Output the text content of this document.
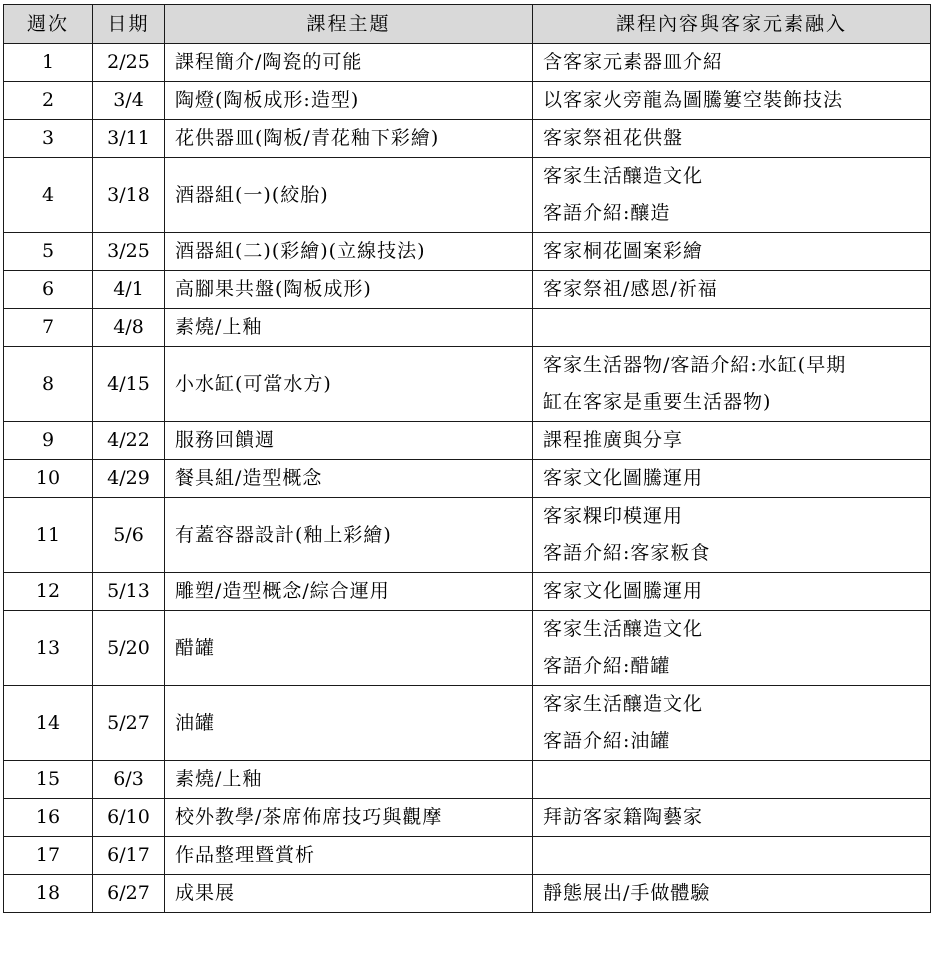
週次	日期	課程主題	課程內容與客家元素融入
1	2/25	課程簡介/陶瓷的可能	含客家元素器皿介紹

2	3/4	陶燈(陶板成形:造型)	以客家火旁龍為圖騰簍空裝飾技法

3	3/11	花供器皿(陶板/青花釉下彩繪)	客家祭祖花供盤

4	3/18	酒器組(一)(絞胎)	客家生活釀造文化
客語介紹:釀造

5	3/25	酒器組(二)(彩繪)(立線技法)	客家桐花圖案彩繪

6	4/1	高腳果共盤(陶板成形)	客家祭祖/感恩/祈福

7	4/8	素燒/上釉	
8	4/15	小水缸(可當水方)	客家生活器物/客語介紹:水缸(早期
缸在客家是重要生活器物)

9	4/22	服務回饋週	課程推廣與分享

10	4/29	餐具組/造型概念	客家文化圖騰運用

11	5/6	有蓋容器設計(釉上彩繪)	客家粿印模運用
客語介紹:客家粄食

12	5/13	雕塑/造型概念/綜合運用	客家文化圖騰運用

13	5/20	醋罐	客家生活釀造文化
客語介紹:醋罐

14	5/27	油罐	客家生活釀造文化
客語介紹:油罐

15	6/3	素燒/上釉	
16	6/10	校外教學/茶席佈席技巧與觀摩	拜訪客家籍陶藝家

17	6/17	作品整理暨賞析	
18	6/27	成果展	靜態展出/手做體驗
